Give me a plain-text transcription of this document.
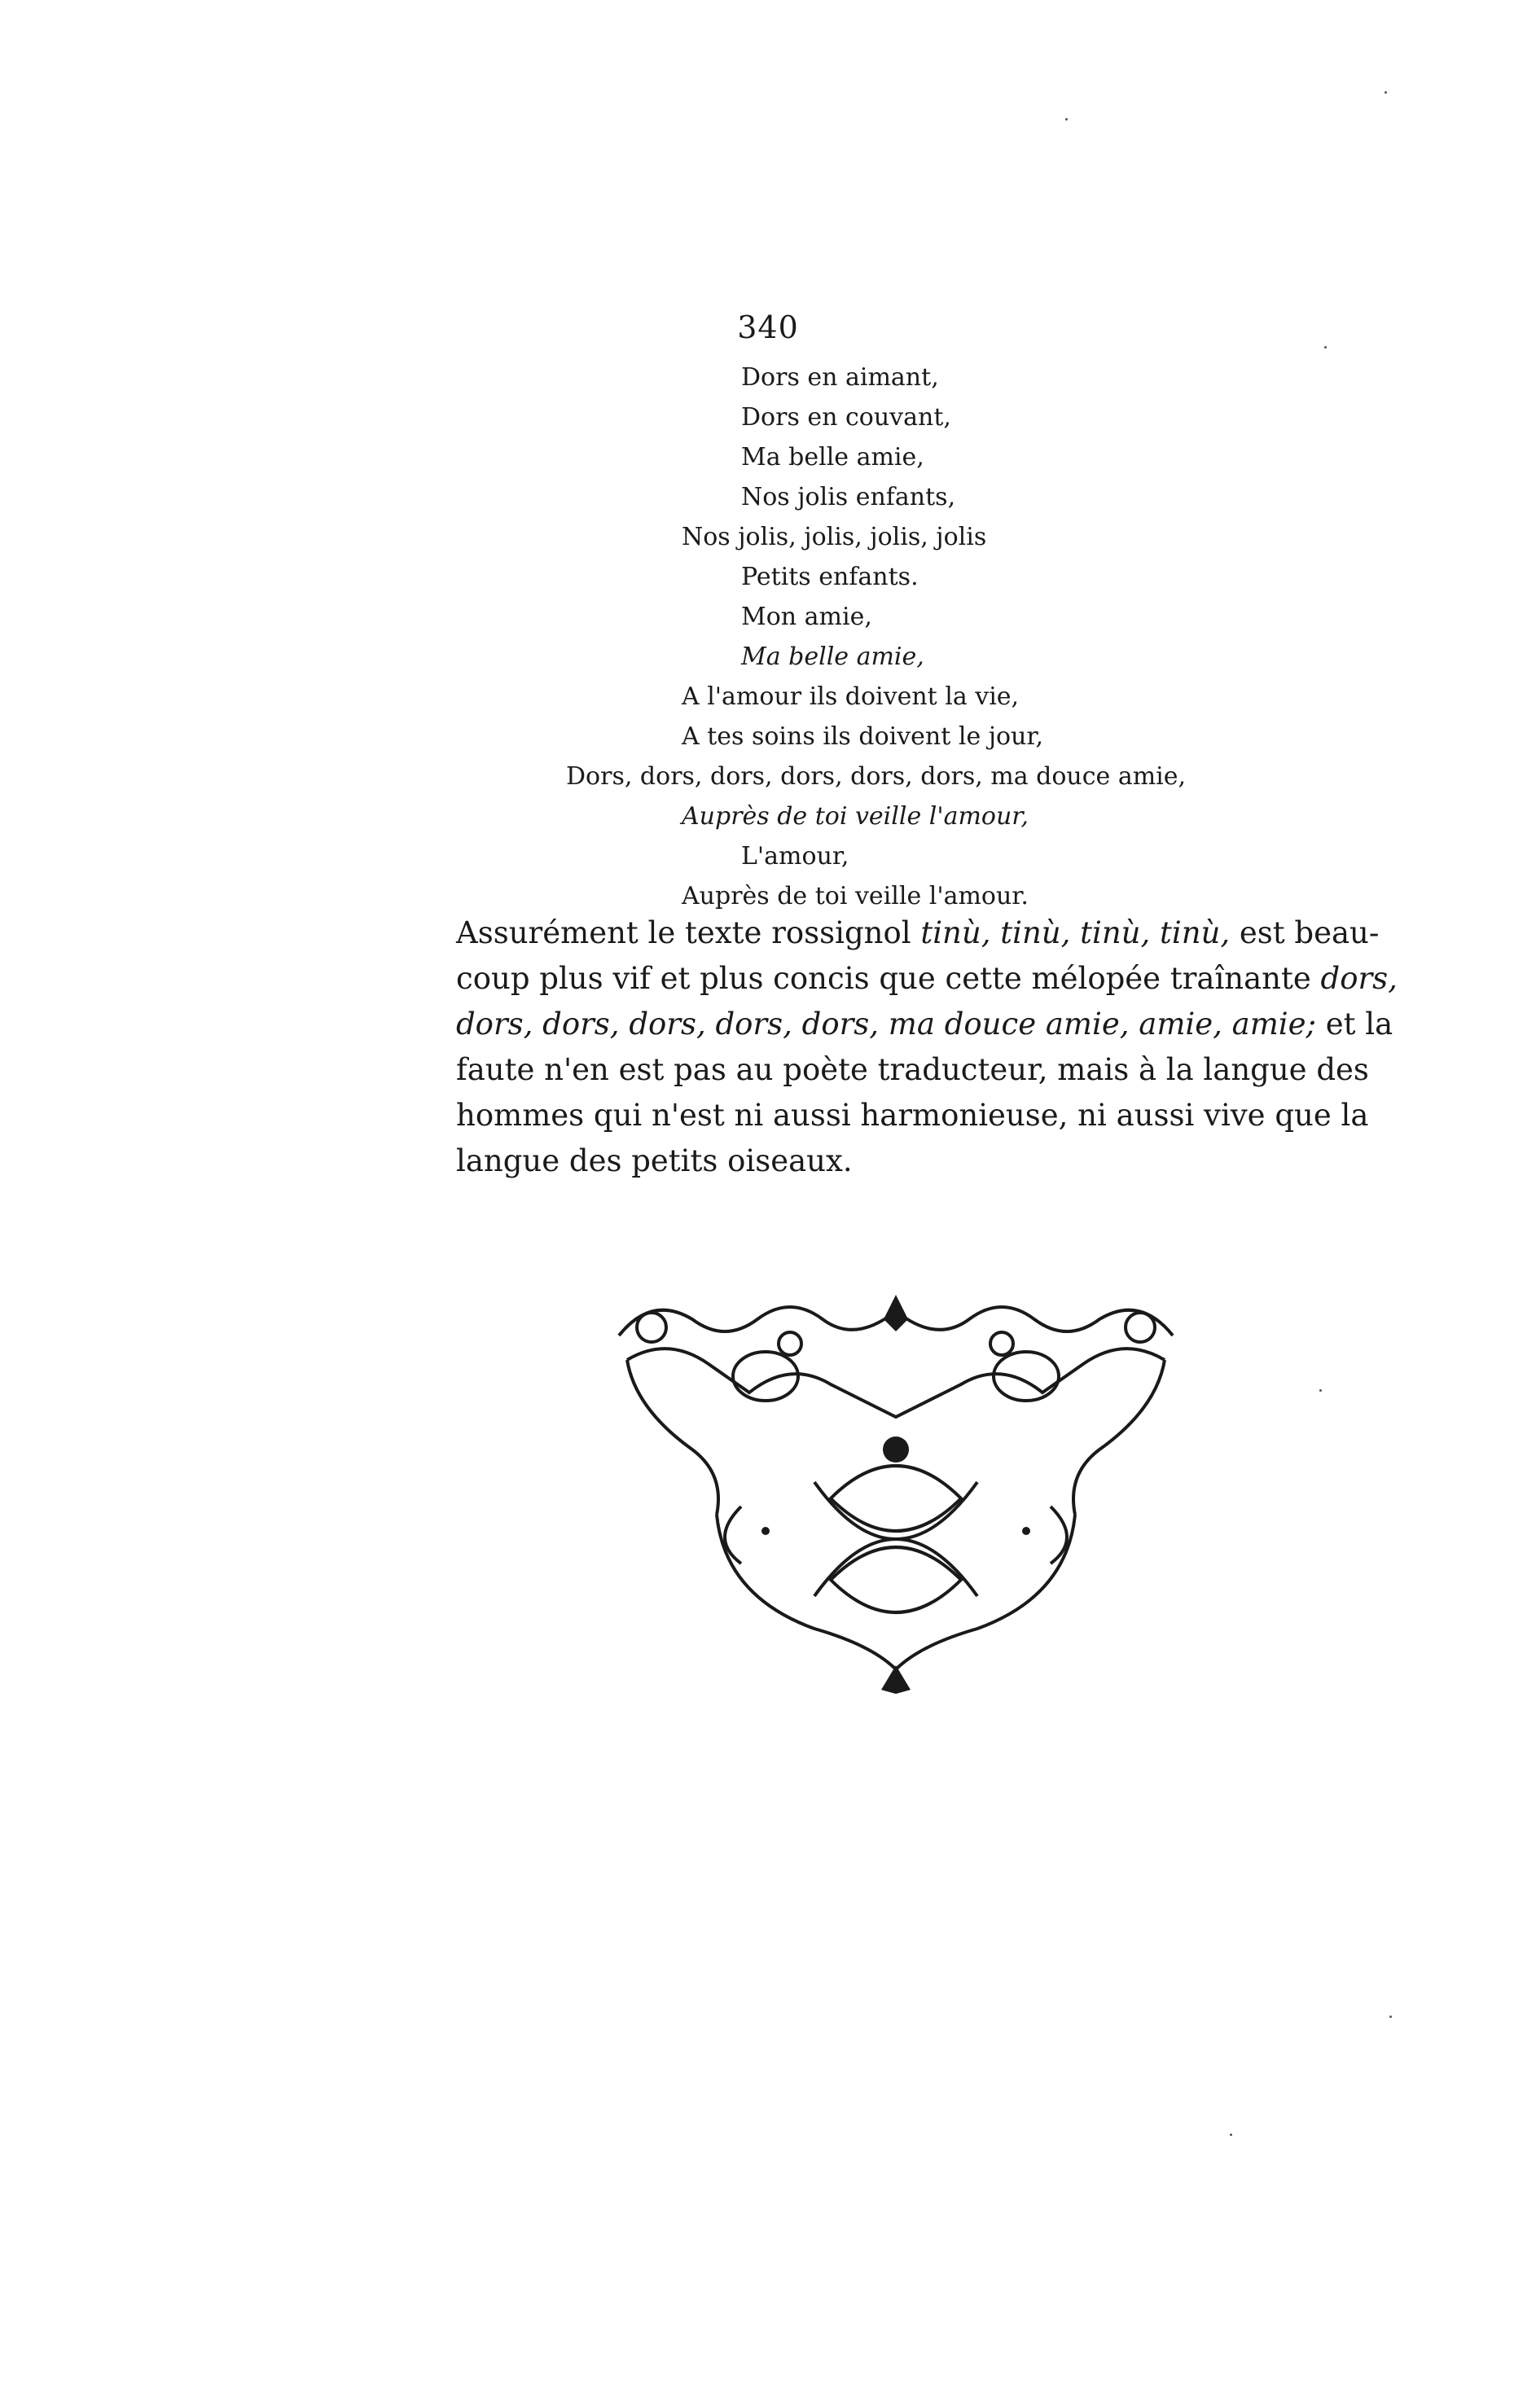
340
Dors en aimant,
Dors en couvant,
Ma belle amie,
Nos jolis enfants,
Nos jolis, jolis, jolis, jolis
Petits enfants.
Mon amie,
Ma belle amie,
A l'amour ils doivent la vie,
A tes soins ils doivent le jour,
Dors, dors, dors, dors, dors, dors, ma douce amie,
Auprès de toi veille l'amour,
L'amour,
Auprès de toi veille l'amour.
Assurément le texte rossignol tinù, tinù, tinù, tinù, est beau-
coup plus vif et plus concis que cette mélopée traînante dors,
dors, dors, dors, dors, dors, ma douce amie, amie, amie; et la
faute n'en est pas au poète traducteur, mais à la langue des
hommes qui n'est ni aussi harmonieuse, ni aussi vive que la
langue des petits oiseaux.
